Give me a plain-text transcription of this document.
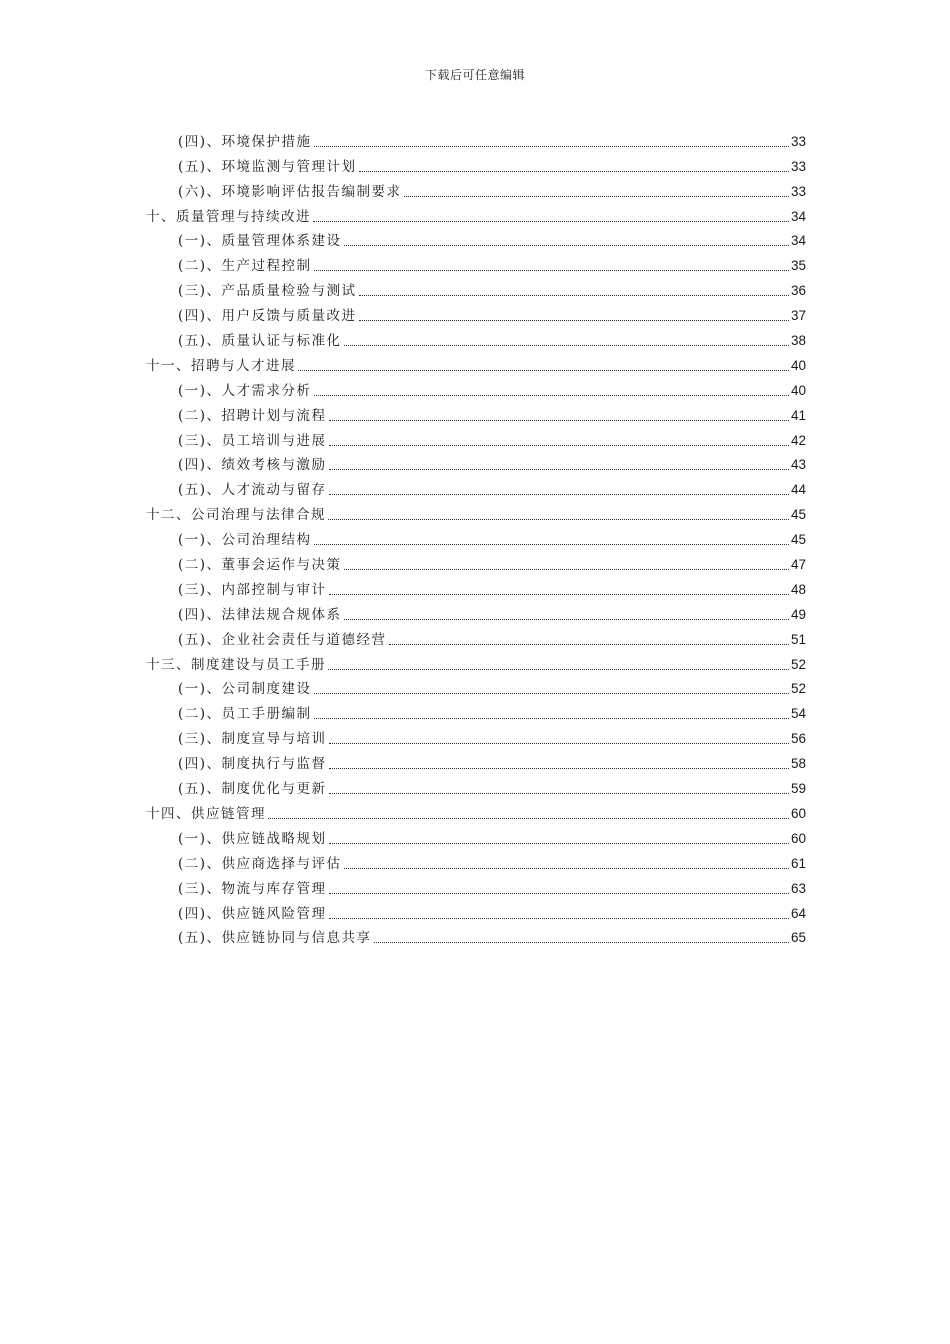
下载后可任意编辑
(四)、环境保护措施	33
(五)、环境监测与管理计划	33
(六)、环境影响评估报告编制要求	33
十、质量管理与持续改进	34
(一)、质量管理体系建设	34
(二)、生产过程控制	35
(三)、产品质量检验与测试	36
(四)、用户反馈与质量改进	37
(五)、质量认证与标准化	38
十一、招聘与人才进展	40
(一)、人才需求分析	40
(二)、招聘计划与流程	41
(三)、员工培训与进展	42
(四)、绩效考核与激励	43
(五)、人才流动与留存	44
十二、公司治理与法律合规	45
(一)、公司治理结构	45
(二)、董事会运作与决策	47
(三)、内部控制与审计	48
(四)、法律法规合规体系	49
(五)、企业社会责任与道德经营	51
十三、制度建设与员工手册	52
(一)、公司制度建设	52
(二)、员工手册编制	54
(三)、制度宣导与培训	56
(四)、制度执行与监督	58
(五)、制度优化与更新	59
十四、供应链管理	60
(一)、供应链战略规划	60
(二)、供应商选择与评估	61
(三)、物流与库存管理	63
(四)、供应链风险管理	64
(五)、供应链协同与信息共享	65
